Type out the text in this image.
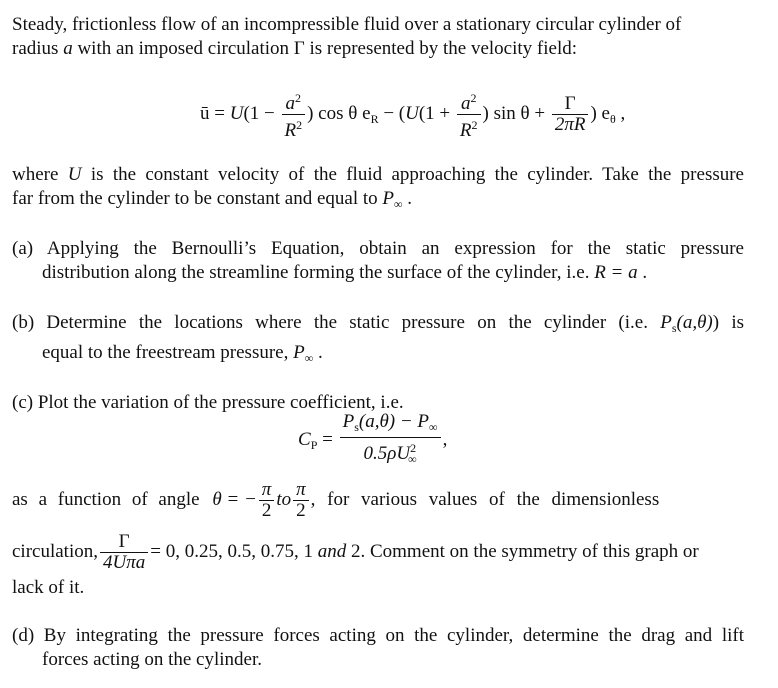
Steady, frictionless flow of an incompressible fluid over a stationary circular cylinder of
radius a with an imposed circulation Γ is represented by the velocity field:
ū = $U(1 - \frac{a^2}{R^2}$ ) cos θ $e_R - (U(1 + \frac{a^2}{R^2}$ ) $\sin \theta + \frac{\Gamma}{2\pi R}$ ) $e_\theta$ ,
where U is the constant velocity of the fluid approaching the cylinder. Take the pressure
far from the cylinder to be constant and equal to $P_\infty$ .
(a) Applying the Bernoulli’s Equation, obtain an expression for the static pressure
distribution along the streamline forming the surface of the cylinder, i.e. R = a .
(b) Determine the locations where the static pressure on the cylinder (i.e. $P_s(a,\theta)$) is
equal to the freestream pressure, $P_\infty$ .
(c) Plot the variation of the pressure coefficient, i.e.
$C_P = \frac{P_s(a,\theta) - P_\infty}{0.5\rho U^2_\infty}$ ,
as a function of angle θ = − $\frac{\pi}{2}$ to $\frac{\pi}{2}$ , for various values of the dimensionless
circulation, $\frac{\Gamma}{\text{4Uπa}} = 0$, 0.25, 0.5, 0.75, 1 and 2. Comment on the symmetry of this graph or
lack of it.
(d) By integrating the pressure forces acting on the cylinder, determine the drag and lift
forces acting on the cylinder.
